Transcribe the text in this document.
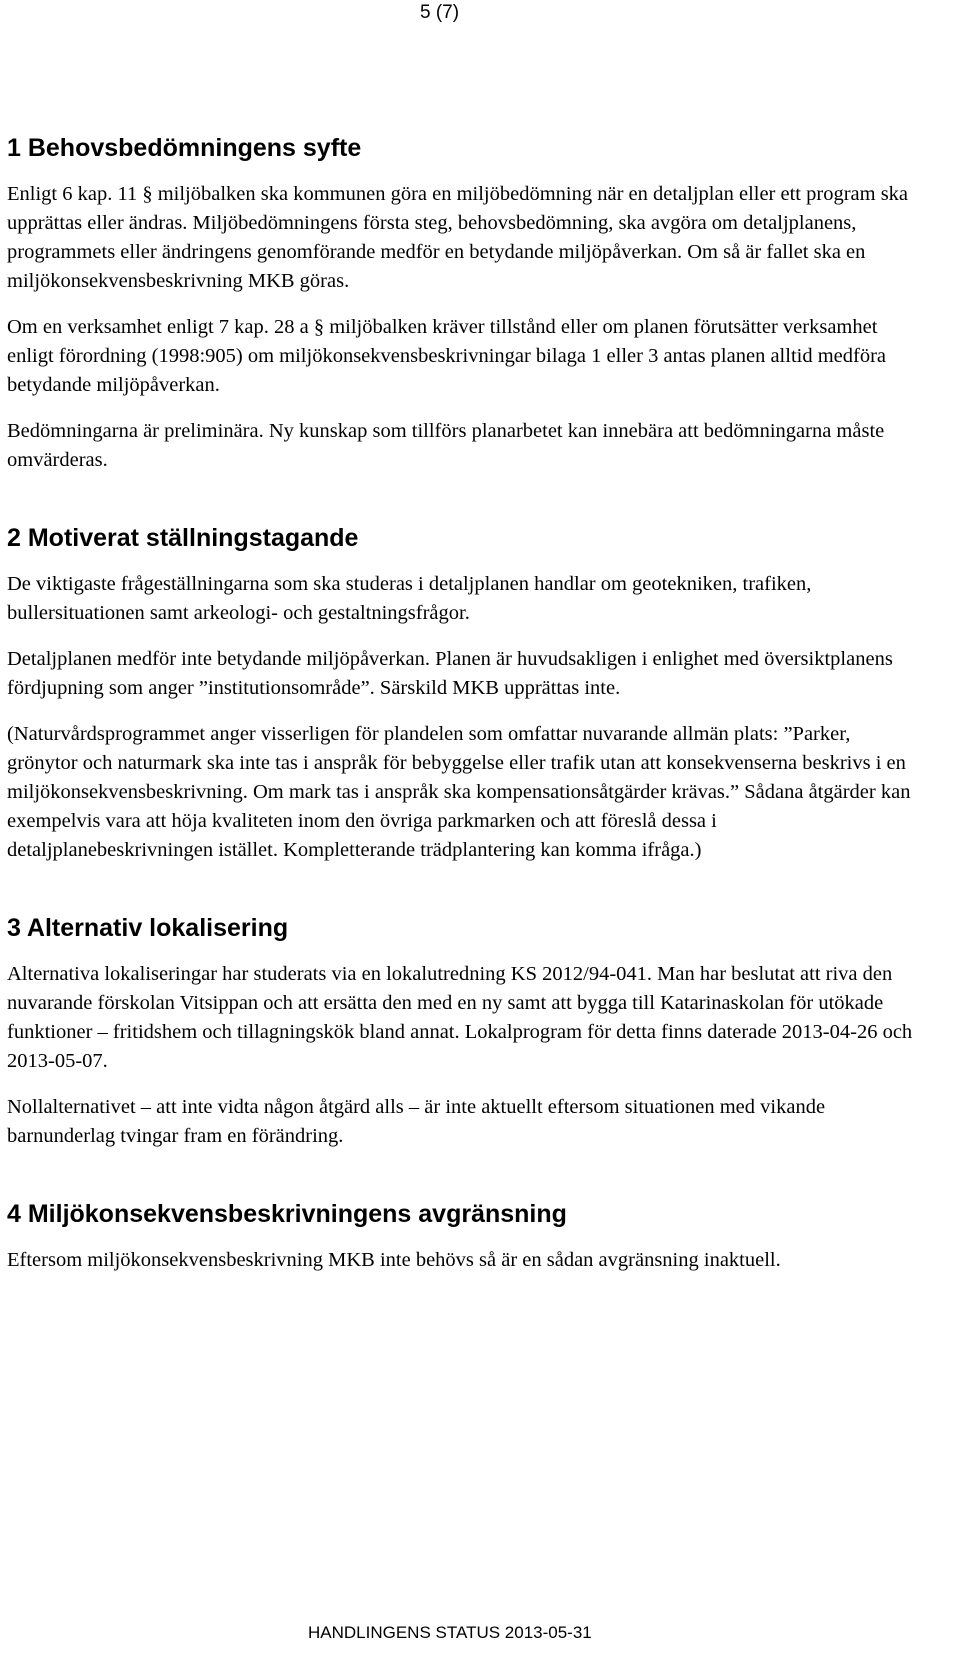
5 (7)
1 Behovsbedömningens syfte

Enligt 6 kap. 11 § miljöbalken ska kommunen göra en miljöbedömning när en detaljplan eller ett program ska upprättas eller ändras. Miljöbedömningens första steg, behovsbedömning, ska avgöra om detaljplanens, programmets eller ändringens genomförande medför en betydande miljöpåverkan. Om så är fallet ska en miljökonsekvensbeskrivning MKB göras.

Om en verksamhet enligt 7 kap. 28 a § miljöbalken kräver tillstånd eller om planen förutsätter verksamhet enligt förordning (1998:905) om miljökonsekvensbeskrivningar bilaga 1 eller 3 antas planen alltid medföra betydande miljöpåverkan.

Bedömningarna är preliminära. Ny kunskap som tillförs planarbetet kan innebära att bedömningarna måste omvärderas.

2 Motiverat ställningstagande

De viktigaste frågeställningarna som ska studeras i detaljplanen handlar om geotekniken, trafiken, bullersituationen samt arkeologi- och gestaltningsfrågor.

Detaljplanen medför inte betydande miljöpåverkan. Planen är huvudsakligen i enlighet med översiktplanens fördjupning som anger ”institutionsområde”. Särskild MKB upprättas inte.

(Naturvårdsprogrammet anger visserligen för plandelen som omfattar nuvarande allmän plats: ”Parker, grönytor och naturmark ska inte tas i anspråk för bebyggelse eller trafik utan att konsekvenserna beskrivs i en miljökonsekvensbeskrivning. Om mark tas i anspråk ska kompensationsåtgärder krävas.” Sådana åtgärder kan exempelvis vara att höja kvaliteten inom den övriga parkmarken och att föreslå dessa i detaljplanebeskrivningen istället. Kompletterande trädplantering kan komma ifråga.)

3 Alternativ lokalisering

Alternativa lokaliseringar har studerats via en lokalutredning KS 2012/94-041. Man har beslutat att riva den nuvarande förskolan Vitsippan och att ersätta den med en ny samt att bygga till Katarinaskolan för utökade funktioner – fritidshem och tillagningskök bland annat. Lokalprogram för detta finns daterade 2013-04-26 och 2013-05-07.

Nollalternativet – att inte vidta någon åtgärd alls – är inte aktuellt eftersom situationen med vikande barnunderlag tvingar fram en förändring.

4 Miljökonsekvensbeskrivningens avgränsning

Eftersom miljökonsekvensbeskrivning MKB inte behövs så är en sådan avgränsning inaktuell.

HANDLINGENS STATUS 2013-05-31
